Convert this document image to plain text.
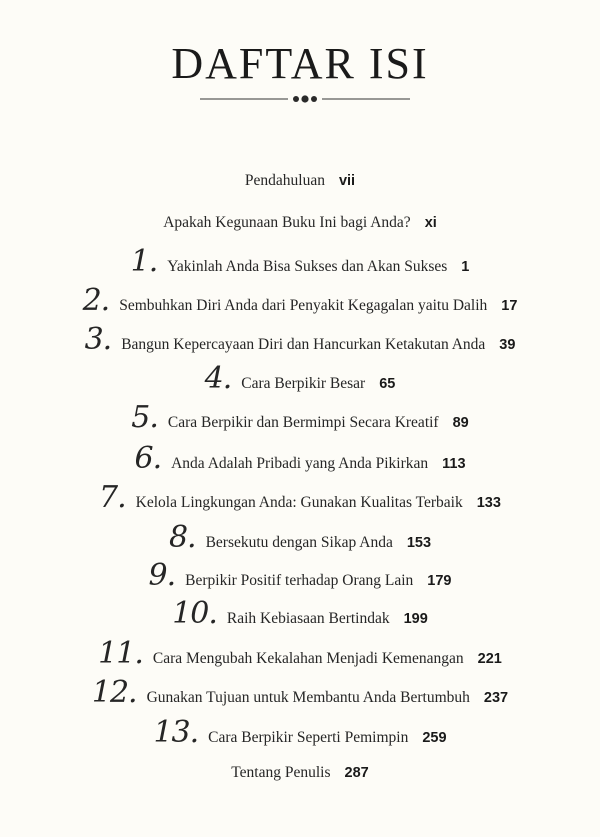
DAFTAR ISI
Pendahuluan vii
Apakah Kegunaan Buku Ini bagi Anda? xi
1. Yakinlah Anda Bisa Sukses dan Akan Sukses 1
2. Sembuhkan Diri Anda dari Penyakit Kegagalan yaitu Dalih 17
3. Bangun Kepercayaan Diri dan Hancurkan Ketakutan Anda 39
4. Cara Berpikir Besar 65
5. Cara Berpikir dan Bermimpi Secara Kreatif 89
6. Anda Adalah Pribadi yang Anda Pikirkan 113
7. Kelola Lingkungan Anda: Gunakan Kualitas Terbaik 133
8. Bersekutu dengan Sikap Anda 153
9. Berpikir Positif terhadap Orang Lain 179
10. Raih Kebiasaan Bertindak 199
11. Cara Mengubah Kekalahan Menjadi Kemenangan 221
12. Gunakan Tujuan untuk Membantu Anda Bertumbuh 237
13. Cara Berpikir Seperti Pemimpin 259
Tentang Penulis 287
